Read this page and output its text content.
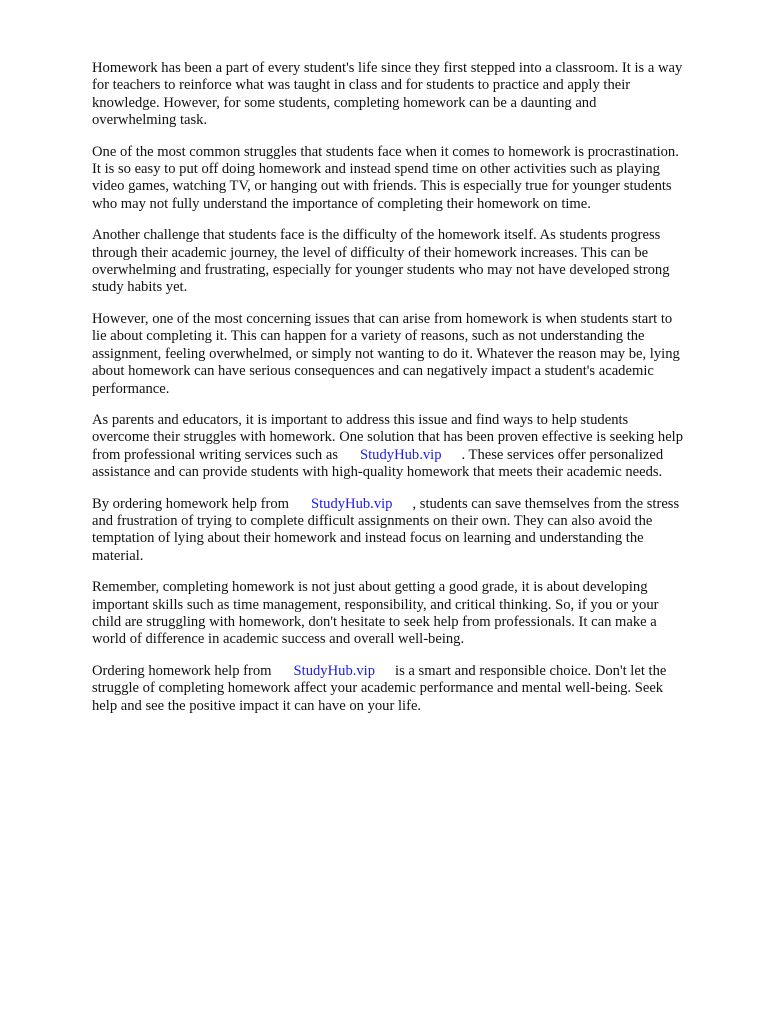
Homework has been a part of every student's life since they first stepped into a classroom. It is a way
for teachers to reinforce what was taught in class and for students to practice and apply their
knowledge. However, for some students, completing homework can be a daunting and
overwhelming task.

One of the most common struggles that students face when it comes to homework is procrastination.
It is so easy to put off doing homework and instead spend time on other activities such as playing
video games, watching TV, or hanging out with friends. This is especially true for younger students
who may not fully understand the importance of completing their homework on time.

Another challenge that students face is the difficulty of the homework itself. As students progress
through their academic journey, the level of difficulty of their homework increases. This can be
overwhelming and frustrating, especially for younger students who may not have developed strong
study habits yet.

However, one of the most concerning issues that can arise from homework is when students start to
lie about completing it. This can happen for a variety of reasons, such as not understanding the
assignment, feeling overwhelmed, or simply not wanting to do it. Whatever the reason may be, lying
about homework can have serious consequences and can negatively impact a student's academic
performance.

As parents and educators, it is important to address this issue and find ways to help students
overcome their struggles with homework. One solution that has been proven effective is seeking help
from professional writing services such as StudyHub.vip . These services offer personalized
assistance and can provide students with high-quality homework that meets their academic needs.

By ordering homework help from StudyHub.vip , students can save themselves from the stress
and frustration of trying to complete difficult assignments on their own. They can also avoid the
temptation of lying about their homework and instead focus on learning and understanding the
material.

Remember, completing homework is not just about getting a good grade, it is about developing
important skills such as time management, responsibility, and critical thinking. So, if you or your
child are struggling with homework, don't hesitate to seek help from professionals. It can make a
world of difference in academic success and overall well-being.

Ordering homework help from StudyHub.vip is a smart and responsible choice. Don't let the
struggle of completing homework affect your academic performance and mental well-being. Seek
help and see the positive impact it can have on your life.
